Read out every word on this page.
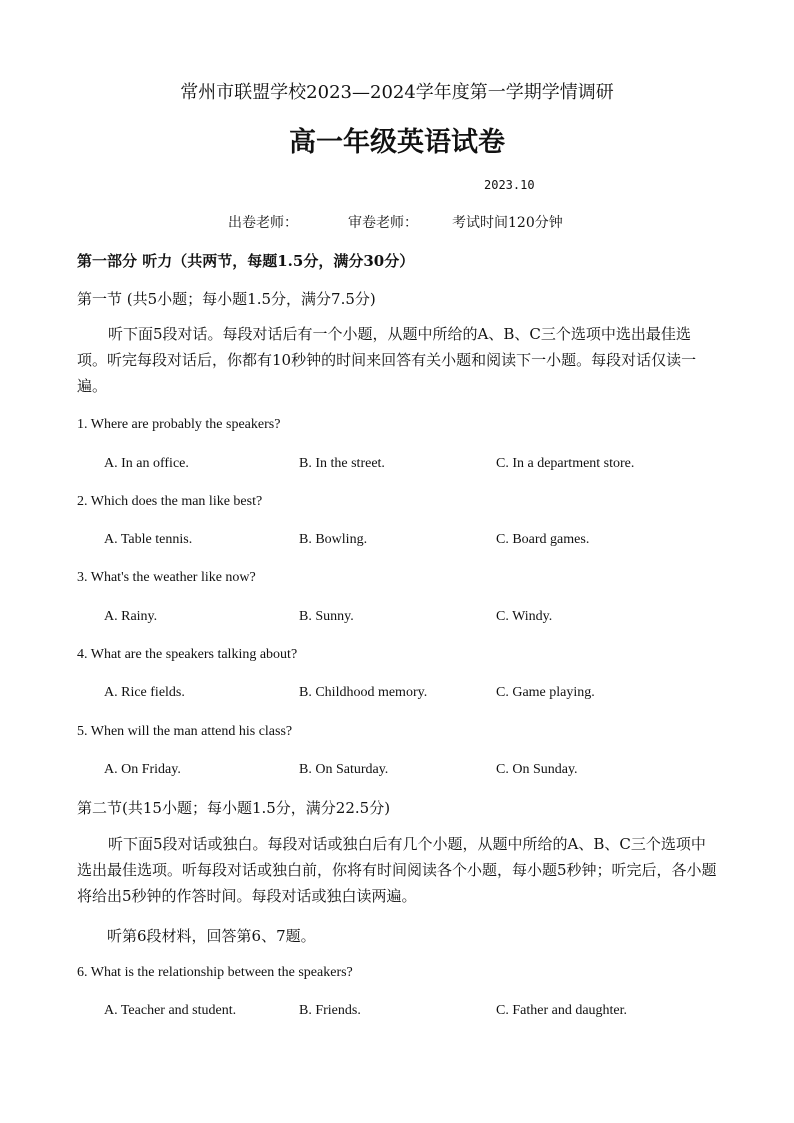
常州市联盟学校2023—2024学年度第一学期学情调研
高一年级英语试卷
2023.10
出卷老师：	审卷老师： 考试时间120分钟
第一部分 听力（共两节，每题1.5分，满分30分）
第一节 (共5小题；每小题1.5分，满分7.5分)
听下面5段对话。每段对话后有一个小题，从题中所给的A、B、C三个选项中选出最佳选项。听完每段对话后，你都有10秒钟的时间来回答有关小题和阅读下一小题。每段对话仅读一遍。
1. Where are probably the speakers?
A. In an office.	B. In the street.	C. In a department store.
2. Which does the man like best?
A. Table tennis.	B. Bowling.	C. Board games.
3. What's the weather like now?
A. Rainy.	B. Sunny.	C. Windy.
4. What are the speakers talking about?
A. Rice fields.	B. Childhood memory.	C. Game playing.
5. When will the man attend his class?
A. On Friday.	B. On Saturday.	C. On Sunday.
第二节(共15小题；每小题1.5分，满分22.5分)
听下面5段对话或独白。每段对话或独白后有几个小题，从题中所给的A、B、C三个选项中选出最佳选项。听每段对话或独白前，你将有时间阅读各个小题，每小题5秒钟；听完后，各小题将给出5秒钟的作答时间。每段对话或独白读两遍。
听第6段材料，回答第6、7题。
6. What is the relationship between the speakers?
A. Teacher and student.	B. Friends.	C. Father and daughter.
